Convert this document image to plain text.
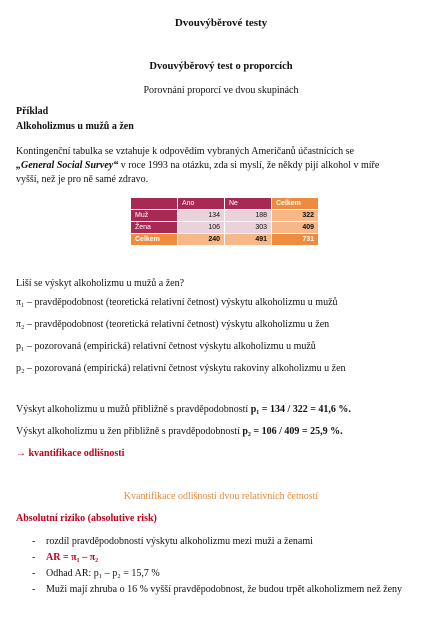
Dvouvýběrové testy
Dvouvýběrový test o proporcích
Porovnání proporcí ve dvou skupinách
Příklad
Alkoholizmus u mužů a žen
Kontingenční tabulka se vztahuje k odpovědím vybraných Američanů účastnících se
„General Social Survey“ v roce 1993 na otázku, zda si myslí, že někdy pijí alkohol v míře
vyšší, než je pro ně samé zdravo.
	Ano	Ne	Celkem
Muž	134	188	322
Žena	106	303	409
Celkem	240	491	731
Liší se výskyt alkoholizmu u mužů a žen?
π₁ – pravděpodobnost (teoretická relativní četnost) výskytu alkoholizmu u mužů
π₂ – pravděpodobnost (teoretická relativní četnost) výskytu alkoholizmu u žen
p₁ – pozorovaná (empirická) relativní četnost výskytu alkoholizmu u mužů
p₂ – pozorovaná (empirická) relativní četnost výskytu rakoviny alkoholizmu u žen
Výskyt alkoholizmu u mužů přibližně s pravděpodobností p₁ = 134 / 322 = 41,6 %.
Výskyt alkoholizmu u žen přibližně s pravděpodobností p₂ = 106 / 409 = 25,9 %.
→ kvantifikace odlišnosti
Kvantifikace odlišnosti dvou relativních četností
Absolutní riziko (absolutive risk)
- rozdíl pravděpodobností výskytu alkoholizmu mezi muži a ženami
- AR = π₁ – π₂
- Odhad AR: p₁ – p₂ = 15,7 %
- Muži mají zhruba o 16 % vyšší pravděpodobnost, že budou trpět alkoholizmem než ženy
